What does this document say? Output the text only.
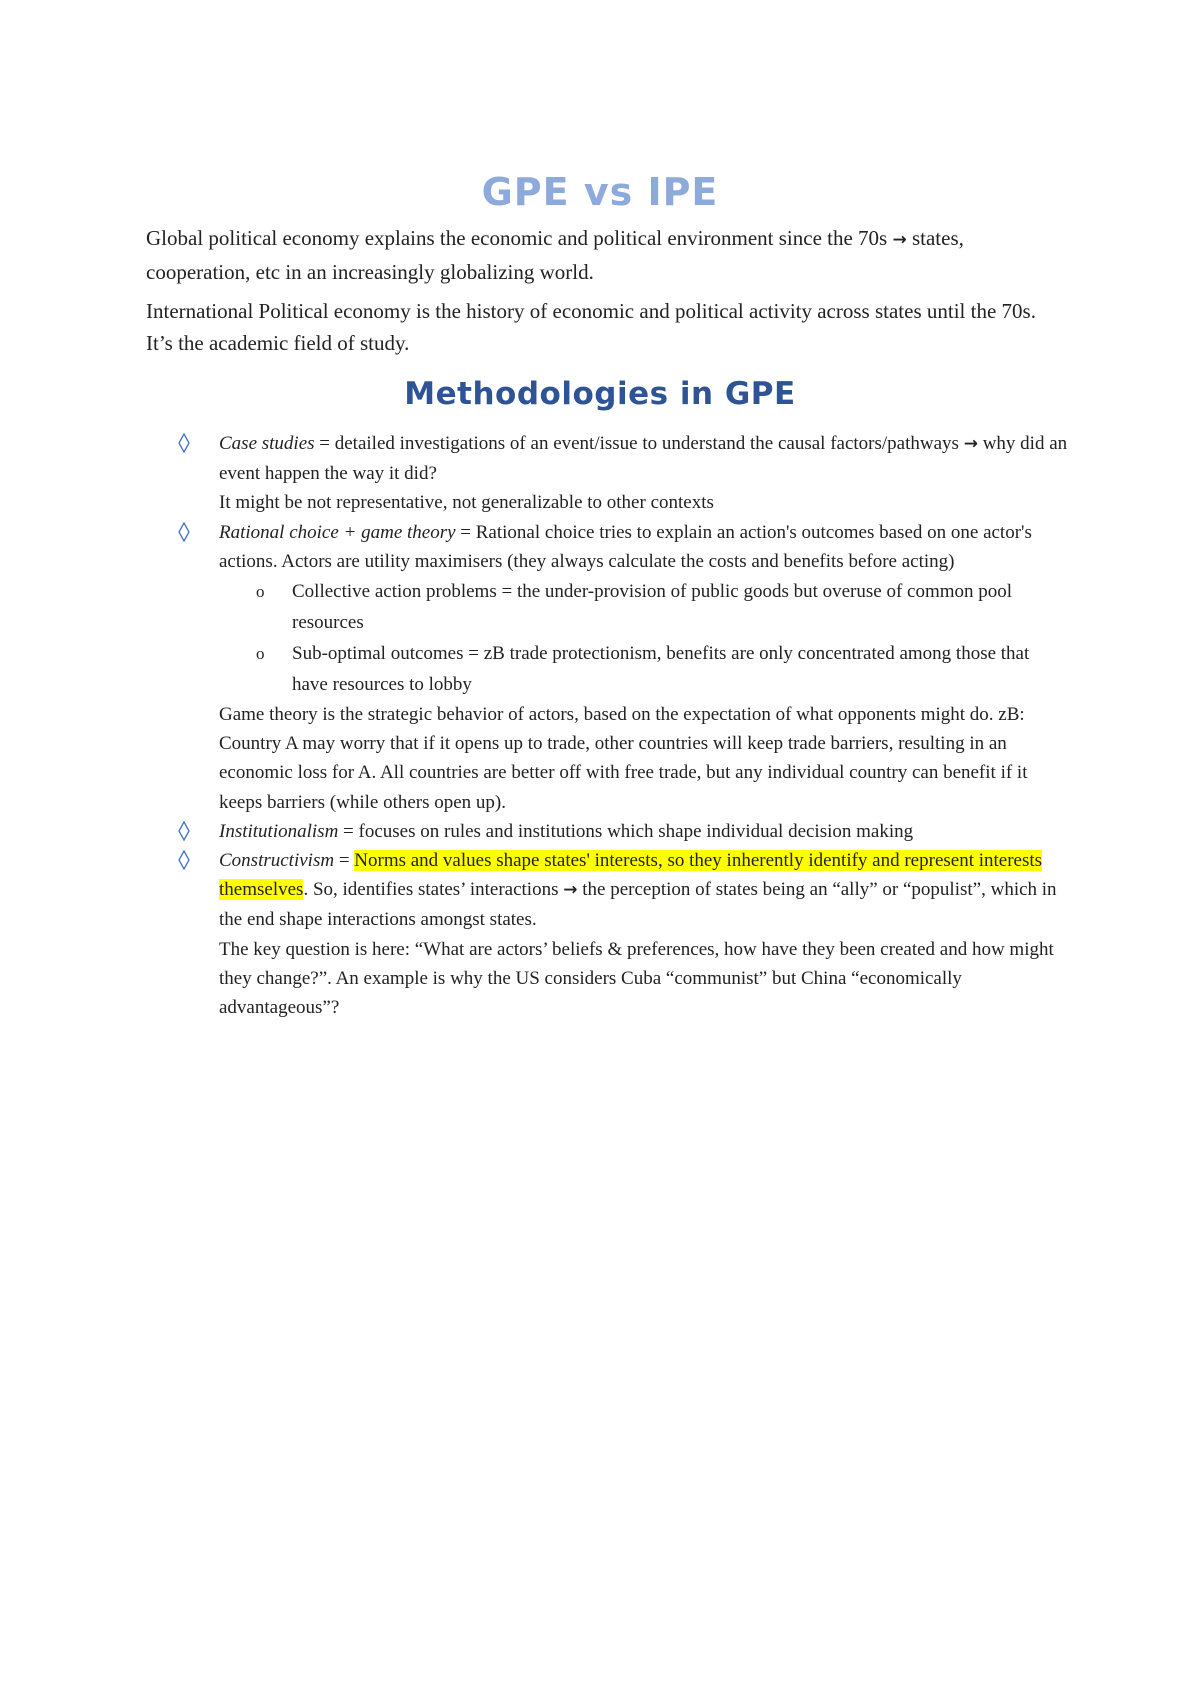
GPE vs IPE

Global political economy explains the economic and political environment since the 70s → states, cooperation, etc in an increasingly globalizing world.

International Political economy is the history of economic and political activity across states until the 70s. It’s the academic field of study.

Methodologies in GPE
Case studies = detailed investigations of an event/issue to understand the causal factors/pathways → why did an event happen the way it did?
It might be not representative, not generalizable to other contexts
Rational choice + game theory = Rational choice tries to explain an action's outcomes based on one actor's actions. Actors are utility maximisers (they always calculate the costs and benefits before acting)
o Collective action problems = the under-provision of public goods but overuse of common pool resources
o Sub-optimal outcomes = zB trade protectionism, benefits are only concentrated among those that have resources to lobby
Game theory is the strategic behavior of actors, based on the expectation of what opponents might do. zB: Country A may worry that if it opens up to trade, other countries will keep trade barriers, resulting in an economic loss for A. All countries are better off with free trade, but any individual country can benefit if it keeps barriers (while others open up).
Institutionalism = focuses on rules and institutions which shape individual decision making
Constructivism = Norms and values shape states' interests, so they inherently identify and represent interests themselves. So, identifies states’ interactions → the perception of states being an “ally” or “populist”, which in the end shape interactions amongst states.
The key question is here: “What are actors’ beliefs & preferences, how have they been created and how might they change?”. An example is why the US considers Cuba “communist” but China “economically advantageous”?
